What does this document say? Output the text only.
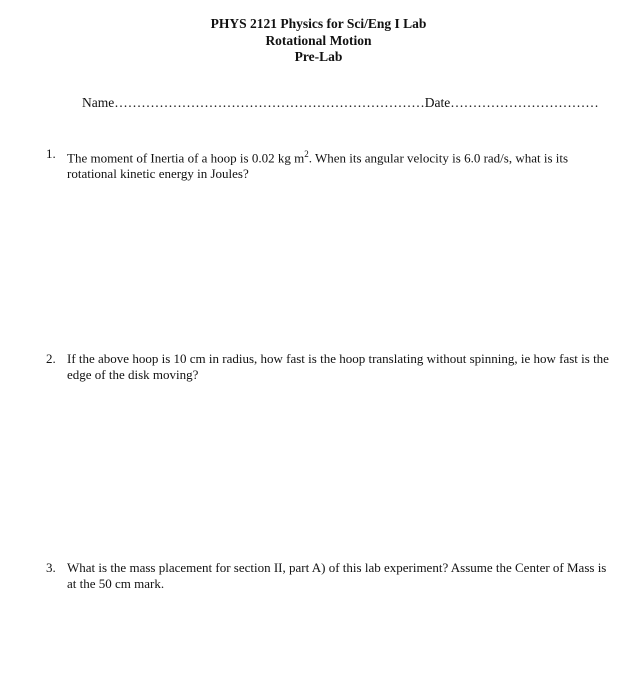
PHYS 2121 Physics for Sci/Eng I Lab
Rotational Motion
Pre-Lab
Name……………………………………………………………Date……………………………
1. The moment of Inertia of a hoop is 0.02 kg $m^2$. When its angular velocity is 6.0 rad/s, what is its rotational kinetic energy in Joules?
2. If the above hoop is 10 cm in radius, how fast is the hoop translating without spinning, ie how fast is the edge of the disk moving?
3. What is the mass placement for section II, part A) of this lab experiment? Assume the Center of Mass is at the 50 cm mark.
